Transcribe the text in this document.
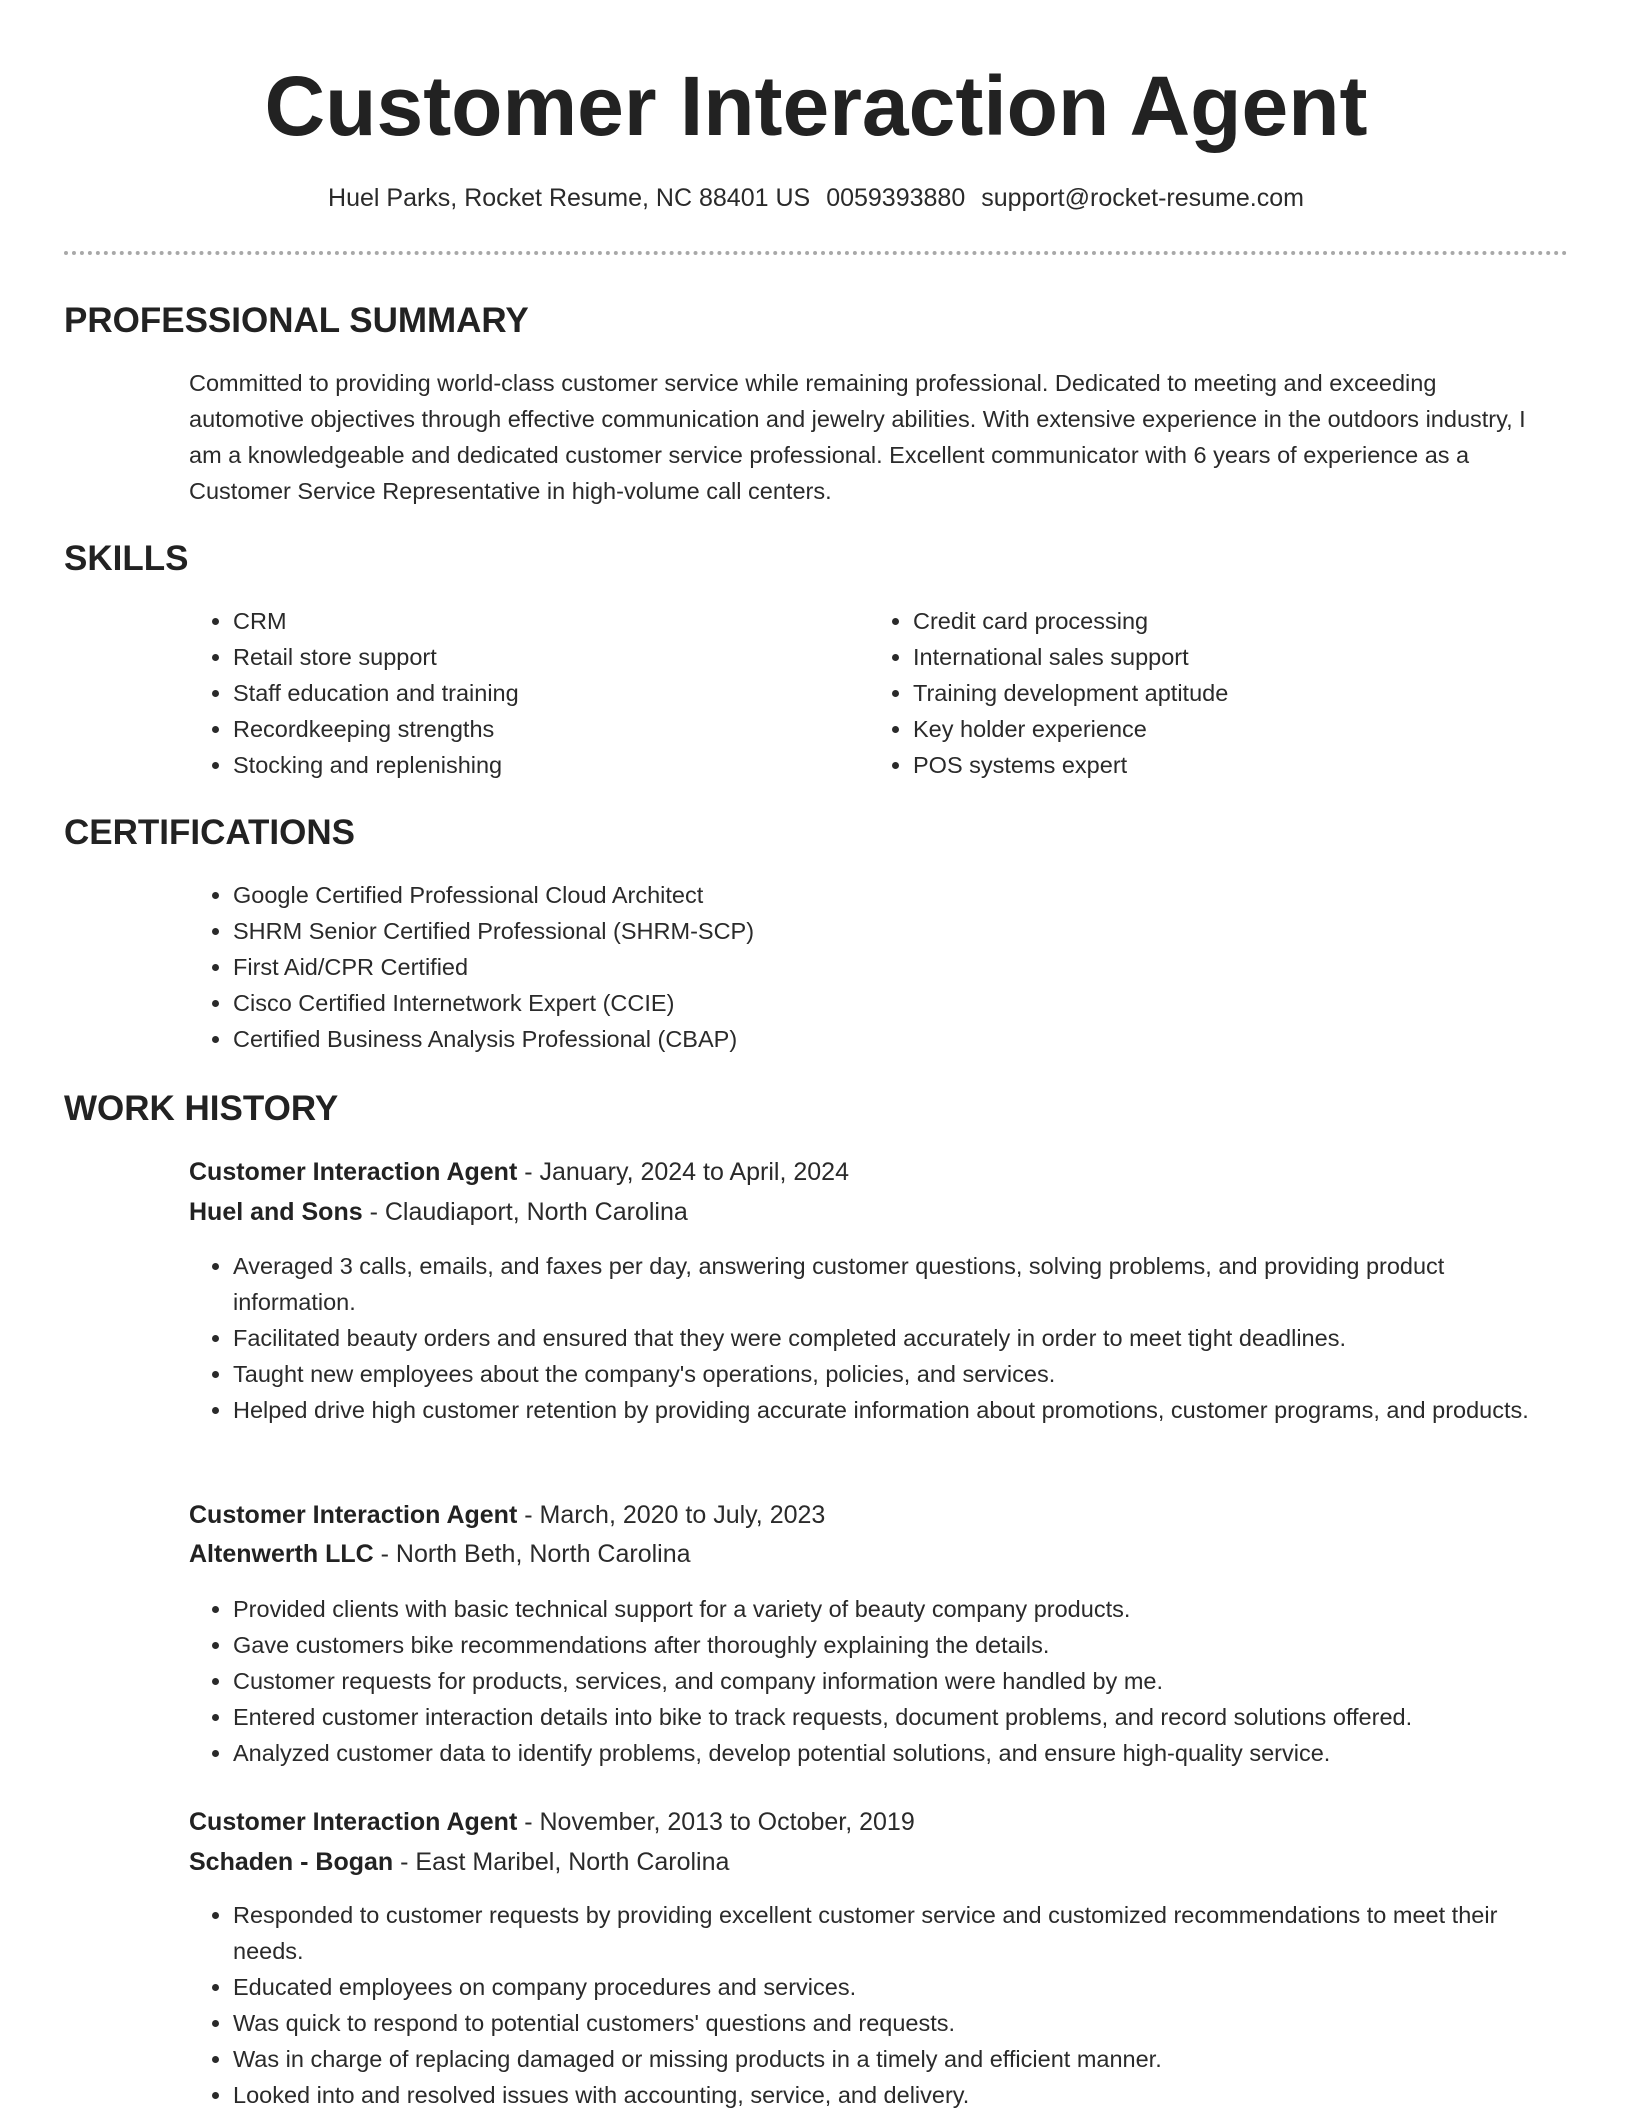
Customer Interaction Agent
Huel Parks, Rocket Resume, NC 88401 US 0059393880 support@rocket-resume.com
PROFESSIONAL SUMMARY

Committed to providing world-class customer service while remaining professional. Dedicated to meeting and exceeding automotive objectives through effective communication and jewelry abilities. With extensive experience in the outdoors industry, I am a knowledgeable and dedicated customer service professional. Excellent communicator with 6 years of experience as a Customer Service Representative in high-volume call centers.

SKILLS
• CRM
• Retail store support
• Staff education and training
• Recordkeeping strengths
• Stocking and replenishing
• Credit card processing
• International sales support
• Training development aptitude
• Key holder experience
• POS systems expert
CERTIFICATIONS
• Google Certified Professional Cloud Architect
• SHRM Senior Certified Professional (SHRM-SCP)
• First Aid/CPR Certified
• Cisco Certified Internetwork Expert (CCIE)
• Certified Business Analysis Professional (CBAP)
WORK HISTORY
Customer Interaction Agent - January, 2024 to April, 2024
Huel and Sons - Claudiaport, North Carolina
• Averaged 3 calls, emails, and faxes per day, answering customer questions, solving problems, and providing product information.
• Facilitated beauty orders and ensured that they were completed accurately in order to meet tight deadlines.
• Taught new employees about the company's operations, policies, and services.
• Helped drive high customer retention by providing accurate information about promotions, customer programs, and products.
Customer Interaction Agent - March, 2020 to July, 2023
Altenwerth LLC - North Beth, North Carolina
• Provided clients with basic technical support for a variety of beauty company products.
• Gave customers bike recommendations after thoroughly explaining the details.
• Customer requests for products, services, and company information were handled by me.
• Entered customer interaction details into bike to track requests, document problems, and record solutions offered.
• Analyzed customer data to identify problems, develop potential solutions, and ensure high-quality service.
Customer Interaction Agent - November, 2013 to October, 2019
Schaden - Bogan - East Maribel, North Carolina
• Responded to customer requests by providing excellent customer service and customized recommendations to meet their needs.
• Educated employees on company procedures and services.
• Was quick to respond to potential customers' questions and requests.
• Was in charge of replacing damaged or missing products in a timely and efficient manner.
• Looked into and resolved issues with accounting, service, and delivery.
